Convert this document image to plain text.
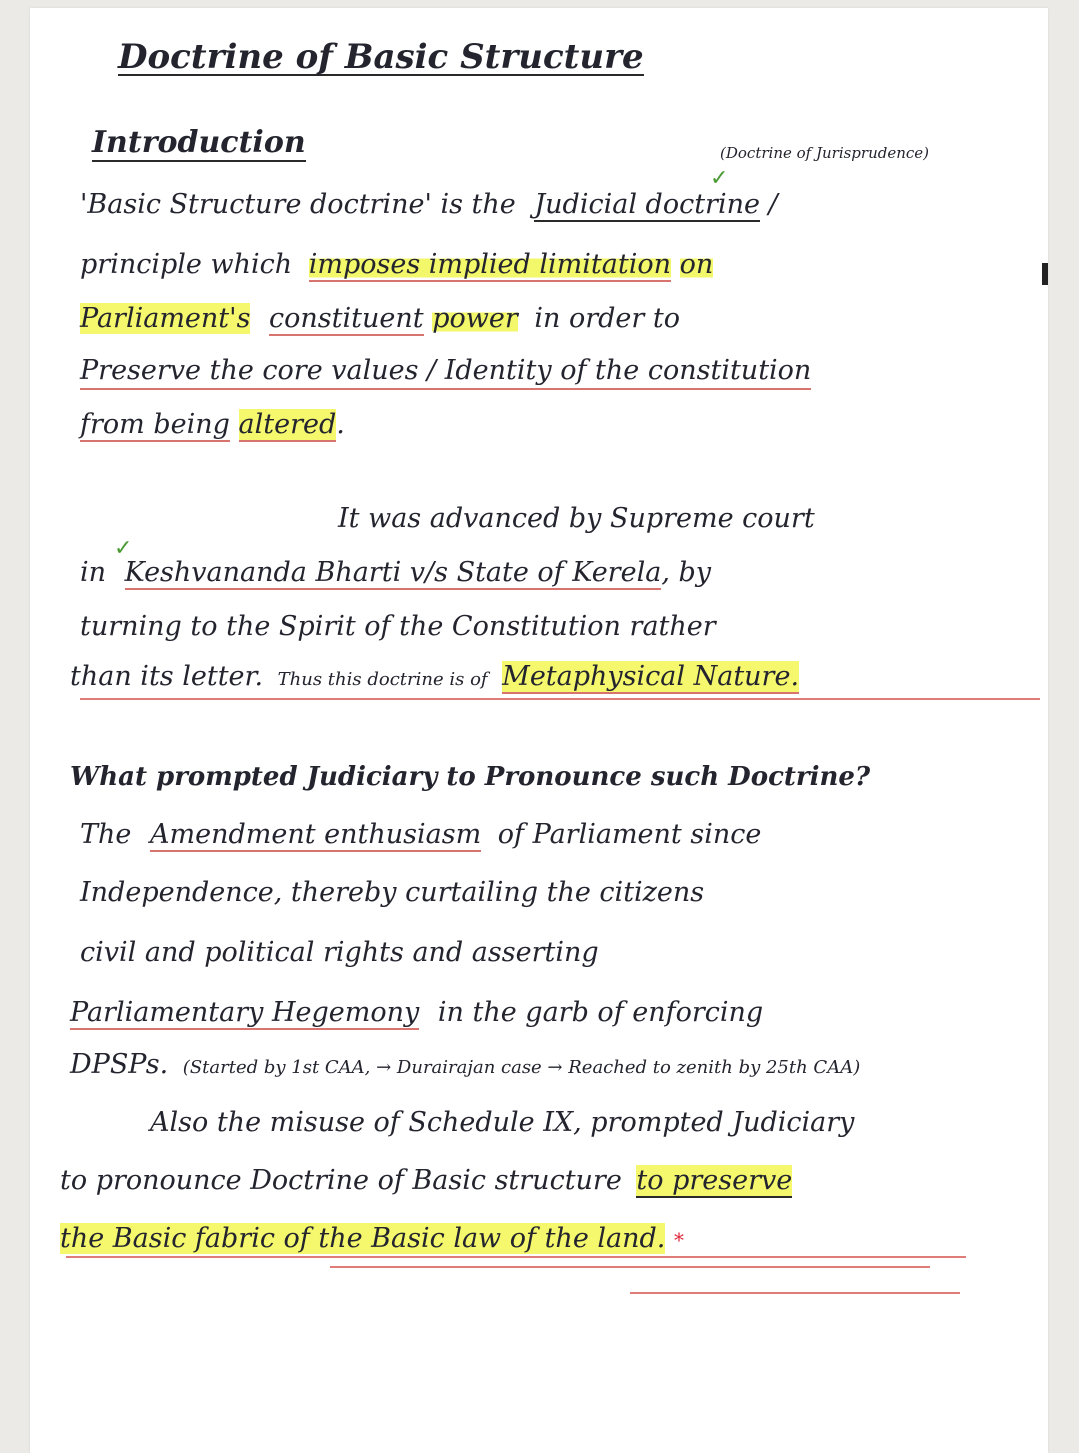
Doctrine of Basic Structure
Introduction	(Doctrine of Jurisprudence)
✓
'Basic Structure doctrine' is the Judicial doctrine /
principle which imposes implied limitation on
Parliament's constituent power in order to
Preserve the core values / Identity of the constitution
from being altered.
It was advanced by Supreme court
in Keshvananda Bharti v/s State of Kerela, by
✓
turning to the Spirit of the Constitution rather
than its letter. Thus this doctrine is of Metaphysical Nature.
What prompted Judiciary to Pronounce such Doctrine?
The Amendment enthusiasm of Parliament since
Independence, thereby curtailing the citizens
civil and political rights and asserting
Parliamentary Hegemony in the garb of enforcing
DPSPs. (Started by 1st CAA, → Durairajan case → Reached to zenith by 25th CAA)
Also the misuse of Schedule IX, prompted Judiciary
to pronounce Doctrine of Basic structure to preserve
the Basic fabric of the Basic law of the land. *
